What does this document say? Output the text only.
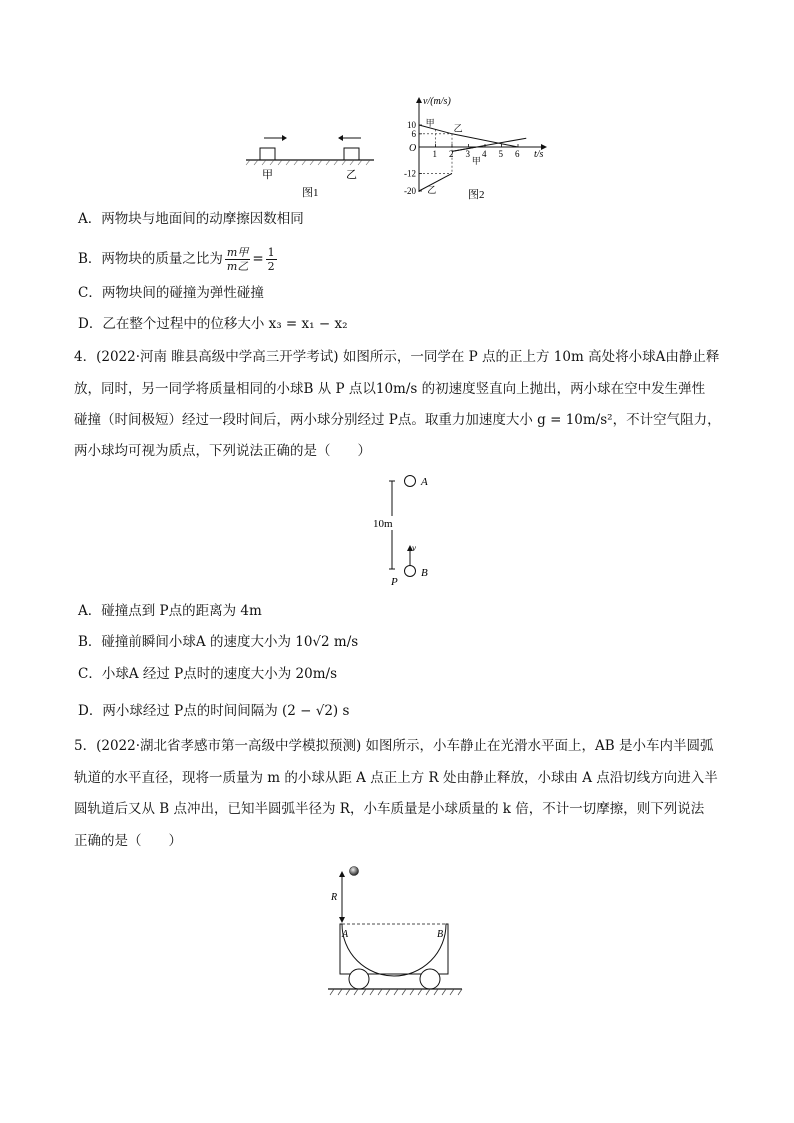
甲	乙
图1
v/(m/s)
t/s
O 1 2 3 4 5 6
10
6
-12
-20
甲
乙
甲
乙	图2
A．两物块与地面间的动摩擦因数相同
B．两物块的质量之比为 $\frac{\text{m甲}}{\text{m乙}} = \frac{1}{2}$
C．两物块间的碰撞为弹性碰撞
D．乙在整个过程中的位移大小 x₃ = x₁ − x₂
4．(2022·河南 睢县高级中学高三开学考试) 如图所示，一同学在 P 点的正上方 10m 高处将小球A由静止释
放，同时，另一同学将质量相同的小球B 从 P 点以10m/s 的初速度竖直向上抛出，两小球在空中发生弹性
碰撞（时间极短）经过一段时间后，两小球分别经过 P点。取重力加速度大小 g = 10m/s²，不计空气阻力，
两小球均可视为质点，下列说法正确的是（　　）
A
10m
v
B
P
A．碰撞点到 P点的距离为 4m
B．碰撞前瞬间小球A 的速度大小为 10√2 m/s
C．小球A 经过 P点时的速度大小为 20m/s
D．两小球经过 P点的时间间隔为 (2 − √2) s
5．(2022·湖北省孝感市第一高级中学模拟预测) 如图所示，小车静止在光滑水平面上，AB 是小车内半圆弧
轨道的水平直径，现将一质量为 m 的小球从距 A 点正上方 R 处由静止释放，小球由 A 点沿切线方向进入半
圆轨道后又从 B 点冲出，已知半圆弧半径为 R，小车质量是小球质量的 k 倍，不计一切摩擦，则下列说法
正确的是（　　）
R
A	B
